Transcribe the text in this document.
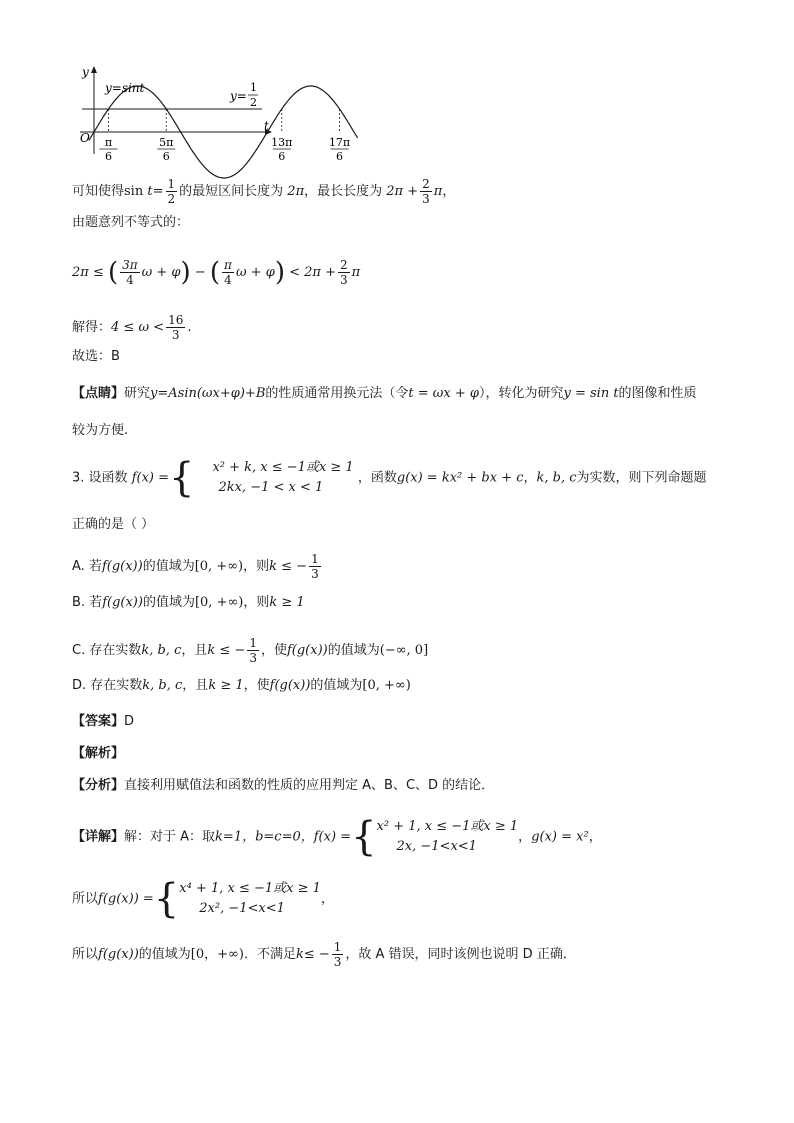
y
t
O
y=sint
y=
1
2
π
6
5π
6
13π
6
17π
6
可知使得$\sin t= \frac{1}{2}$ 的最短区间长度为 2π，最长长度为 $2\pi + \frac{2}{3}$ π，
由题意列不等式的：
2π ≤ ( $\frac{3\pi}{4}$ ω + φ) − ( $\frac{\pi}{4}$ $\omega + \varphi) < 2\pi + \frac{2}{3}$ π
解得：$4 \le \omega < \frac{16}{3}$ .
故选：B
【点睛】研究y=Asin(ωx+φ)+B的性质通常用换元法（令t = ωx + φ），转化为研究y = sin t的图像和性质
较为方便.
3. 设函数 f(x) ={ x² + k, x ≤ −1或x ≥ 1
2kx, −1 < x < 1
，函数g(x) = kx² + bx + c，k, b, c为实数，则下列命题题
正确的是（ ）
A. 若f(g(x))的值域为[0, +∞)，则k ≤ − $\frac{1}{3}$
B. 若f(g(x))的值域为[0, +∞)，则k ≥ 1
C. 存在实数k, b, c，且k ≤ − $\frac{1}{3}$ ，使f(g(x))的值域为(−∞, 0]
D. 存在实数k, b, c，且k ≥ 1，使f(g(x))的值域为[0, +∞)
【答案】D
【解析】
【分析】直接利用赋值法和函数的性质的应用判定 A、B、C、D 的结论．
【详解】解：对于 A：取k=1，b=c=0，f(x) ={ x² + 1, x ≤ −1或x ≥ 1
2x, −1<x<1
，g(x) = x²，
所以f(g(x)) ={ x⁴ + 1, x ≤ −1或x ≥ 1
2x², −1<x<1
，
所以f(g(x))的值域为[0，+∞)．不满足$k\le - \frac{1}{3}$ ，故 A 错误，同时该例也说明 D 正确．
